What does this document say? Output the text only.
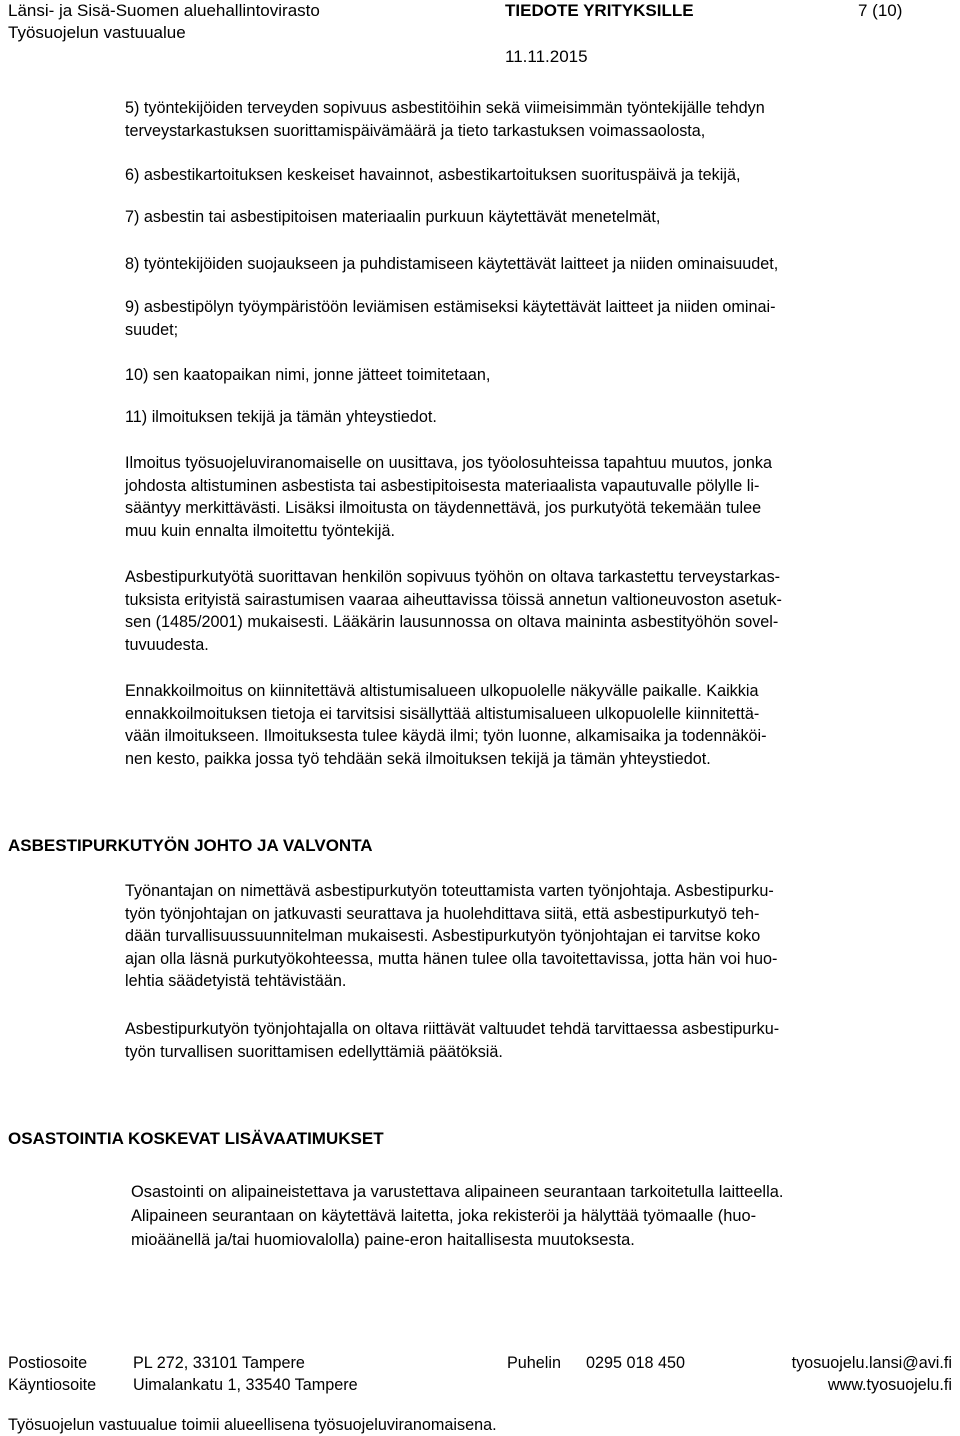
Länsi- ja Sisä-Suomen aluehallintovirasto
Työsuojelun vastuualue
TIEDOTE YRITYKSILLE
11.11.2015
7 (10)
5) työntekijöiden terveyden sopivuus asbestitöihin sekä viimeisimmän työntekijälle tehdyn
terveystarkastuksen suorittamispäivämäärä ja tieto tarkastuksen voimassaolosta,
6) asbestikartoituksen keskeiset havainnot, asbestikartoituksen suorituspäivä ja tekijä,
7) asbestin tai asbestipitoisen materiaalin purkuun käytettävät menetelmät,
8) työntekijöiden suojaukseen ja puhdistamiseen käytettävät laitteet ja niiden ominaisuudet,
9) asbestipölyn työympäristöön leviämisen estämiseksi käytettävät laitteet ja niiden ominai-
suudet;
10) sen kaatopaikan nimi, jonne jätteet toimitetaan,
11) ilmoituksen tekijä ja tämän yhteystiedot.
Ilmoitus työsuojeluviranomaiselle on uusittava, jos työolosuhteissa tapahtuu muutos, jonka
johdosta altistuminen asbestista tai asbestipitoisesta materiaalista vapautuvalle pölylle li-
sääntyy merkittävästi. Lisäksi ilmoitusta on täydennettävä, jos purkutyötä tekemään tulee
muu kuin ennalta ilmoitettu työntekijä.
Asbestipurkutyötä suorittavan henkilön sopivuus työhön on oltava tarkastettu terveystarkas-
tuksista erityistä sairastumisen vaaraa aiheuttavissa töissä annetun valtioneuvoston asetuk-
sen (1485/2001) mukaisesti. Lääkärin lausunnossa on oltava maininta asbestityöhön sovel-
tuvuudesta.
Ennakkoilmoitus on kiinnitettävä altistumisalueen ulkopuolelle näkyvälle paikalle. Kaikkia
ennakkoilmoituksen tietoja ei tarvitsisi sisällyttää altistumisalueen ulkopuolelle kiinnitettä-
vään ilmoitukseen. Ilmoituksesta tulee käydä ilmi; työn luonne, alkamisaika ja todennäköi-
nen kesto, paikka jossa työ tehdään sekä ilmoituksen tekijä ja tämän yhteystiedot.
ASBESTIPURKUTYÖN JOHTO JA VALVONTA
Työnantajan on nimettävä asbestipurkutyön toteuttamista varten työnjohtaja. Asbestipurku-
työn työnjohtajan on jatkuvasti seurattava ja huolehdittava siitä, että asbestipurkutyö teh-
dään turvallisuussuunnitelman mukaisesti. Asbestipurkutyön työnjohtajan ei tarvitse koko
ajan olla läsnä purkutyökohteessa, mutta hänen tulee olla tavoitettavissa, jotta hän voi huo-
lehtia säädetyistä tehtävistään.
Asbestipurkutyön työnjohtajalla on oltava riittävät valtuudet tehdä tarvittaessa asbestipurku-
työn turvallisen suorittamisen edellyttämiä päätöksiä.
OSASTOINTIA KOSKEVAT LISÄVAATIMUKSET
Osastointi on alipaineistettava ja varustettava alipaineen seurantaan tarkoitetulla laitteella.
Alipaineen seurantaan on käytettävä laitetta, joka rekisteröi ja hälyttää työmaalle (huo-
mioäänellä ja/tai huomiovalolla) paine-eron haitallisesta muutoksesta.
Postiosoite	PL 272, 33101 Tampere
Käyntiosoite Uimalankatu 1, 33540 Tampere
Puhelin 0295 018 450	tyosuojelu.lansi@avi.fi
www.tyosuojelu.fi
Työsuojelun vastuualue toimii alueellisena työsuojeluviranomaisena.
